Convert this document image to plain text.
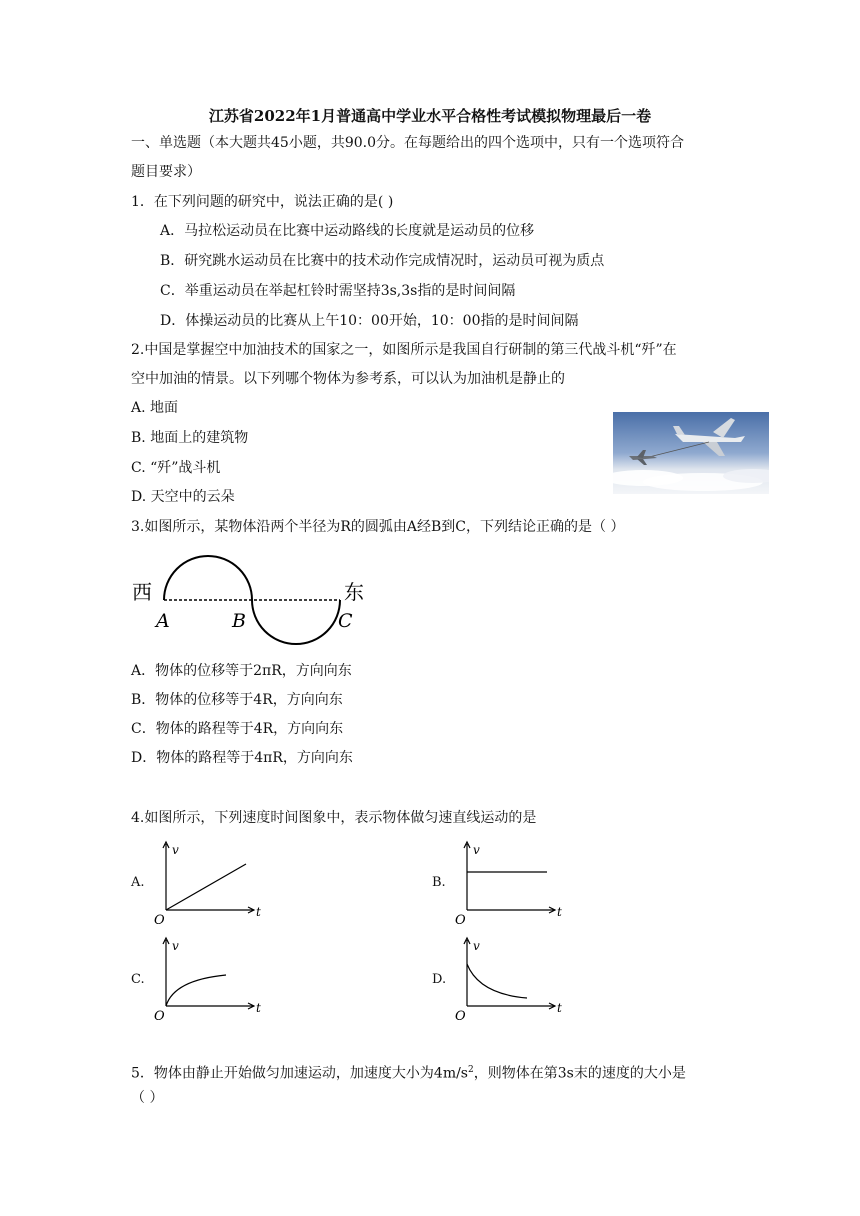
江苏省2022年1月普通高中学业水平合格性考试模拟物理最后一卷
一、单选题（本大题共45小题，共90.0分。在每题给出的四个选项中，只有一个选项符合
题目要求）
1．在下列问题的研究中，说法正确的是( )
A．马拉松运动员在比赛中运动路线的长度就是运动员的位移
B．研究跳水运动员在比赛中的技术动作完成情况时，运动员可视为质点
C．举重运动员在举起杠铃时需坚持3s,3s指的是时间间隔
D．体操运动员的比赛从上午10：00开始，10：00指的是时间间隔
2.中国是掌握空中加油技术的国家之一，如图所示是我国自行研制的第三代战斗机“歼”在
空中加油的情景。以下列哪个物体为参考系，可以认为加油机是静止的
A. 地面
B. 地面上的建筑物
C. “歼”战斗机
D. 天空中的云朵
3.如图所示，某物体沿两个半径为R的圆弧由A经B到C，下列结论正确的是（ ）
西	东
A	B	C
A．物体的位移等于2πR，方向向东
B．物体的位移等于4R，方向向东
C．物体的路程等于4R，方向向东
D．物体的路程等于4πR，方向向东
4.如图所示，下列速度时间图象中，表示物体做匀速直线运动的是
A.	B.
C.	D.
v
t
O
v
t
O
v
t
O
v
t
O
5．物体由静止开始做匀加速运动，加速度大小为$4m/s^2$，则物体在第3s末的速度的大小是
（ ）
